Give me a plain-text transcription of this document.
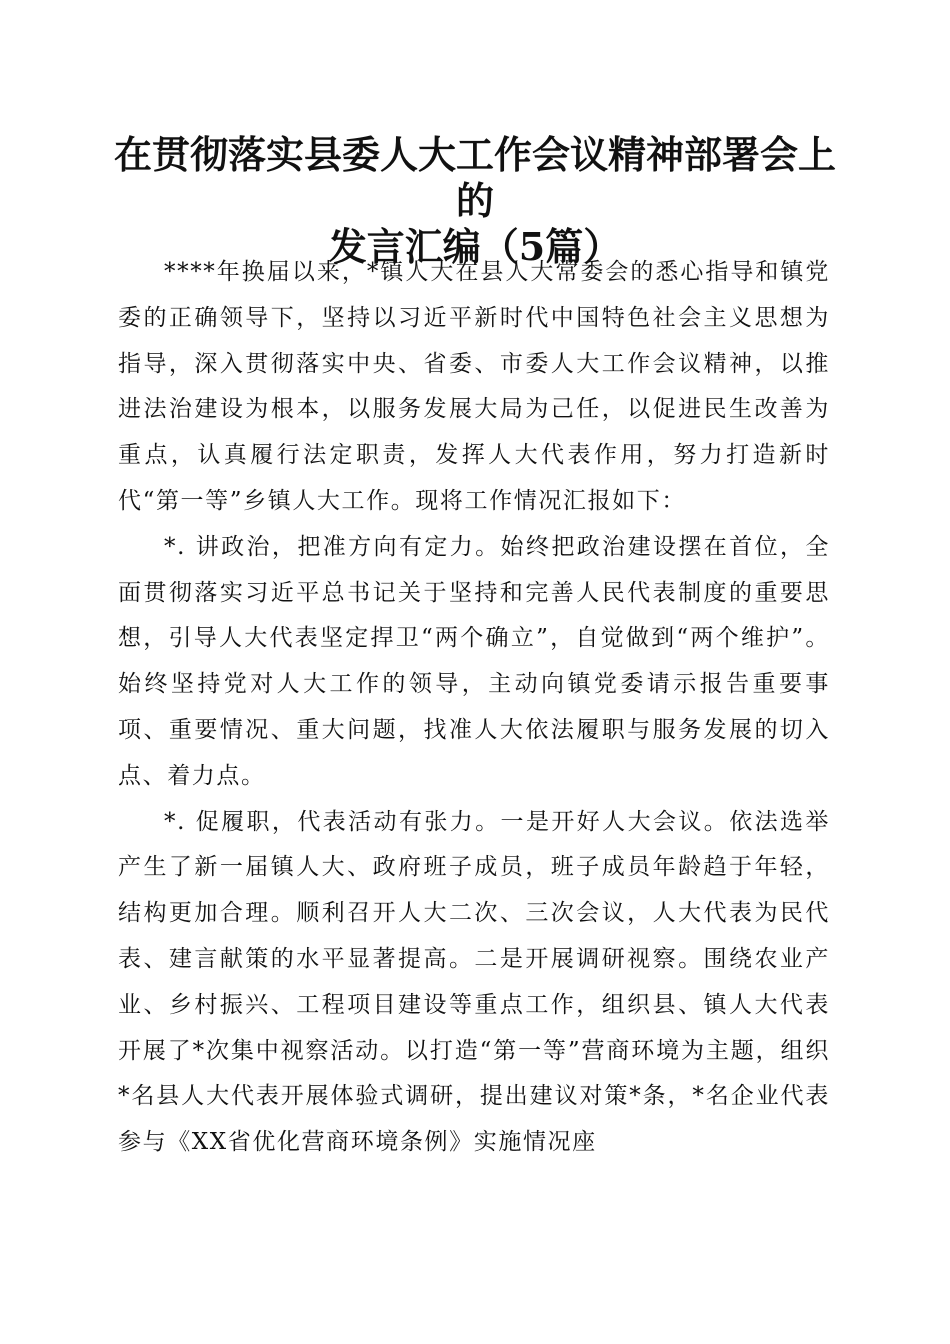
在贯彻落实县委人大工作会议精神部署会上的
发言汇编（5篇）

****年换届以来，*镇人大在县人大常委会的悉心指导和镇党委的正确领导下，坚持以习近平新时代中国特色社会主义思想为指导，深入贯彻落实中央、省委、市委人大工作会议精神，以推进法治建设为根本，以服务发展大局为己任，以促进民生改善为重点，认真履行法定职责，发挥人大代表作用，努力打造新时代“第一等”乡镇人大工作。现将工作情况汇报如下：

*. 讲政治，把准方向有定力。始终把政治建设摆在首位，全面贯彻落实习近平总书记关于坚持和完善人民代表制度的重要思想，引导人大代表坚定捍卫“两个确立”，自觉做到“两个维护”。始终坚持党对人大工作的领导，主动向镇党委请示报告重要事项、重要情况、重大问题，找准人大依法履职与服务发展的切入点、着力点。

*. 促履职，代表活动有张力。一是开好人大会议。依法选举产生了新一届镇人大、政府班子成员，班子成员年龄趋于年轻，结构更加合理。顺利召开人大二次、三次会议，人大代表为民代表、建言献策的水平显著提高。二是开展调研视察。围绕农业产业、乡村振兴、工程项目建设等重点工作，组织县、镇人大代表开展了*次集中视察活动。以打造“第一等”营商环境为主题，组织*名县人大代表开展体验式调研，提出建议对策*条，*名企业代表参与《XX省优化营商环境条例》实施情况座
